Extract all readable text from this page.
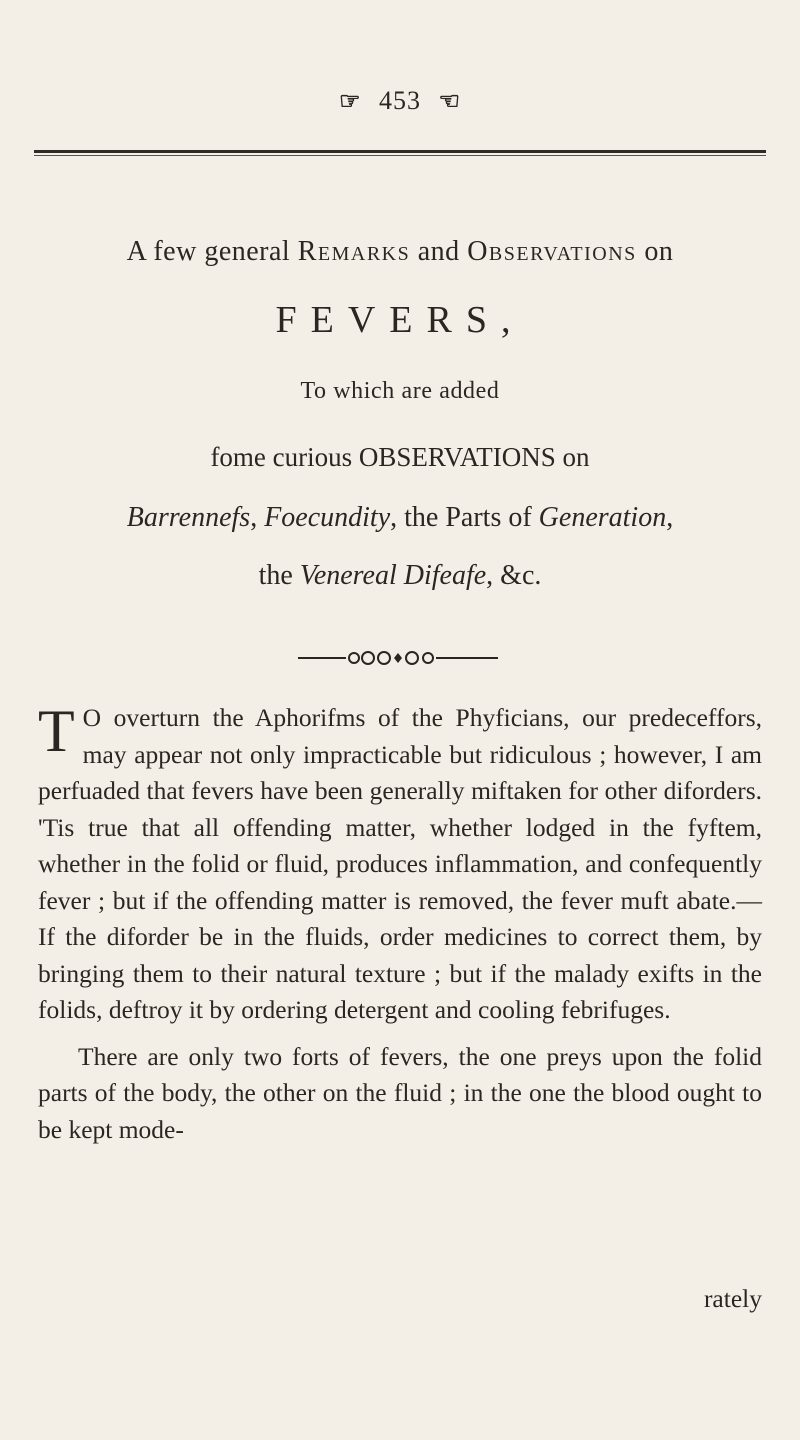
☞ 453 ☜
A few general Remarks and Observations on
FEVERS,
To which are added
fome curious OBSERVATIONS on
Barrennefs, Foecundity, the Parts of Generation,
the Venereal Difeafe, &c.

T O overturn the Aphorifms of the Phyficians, our predeceffors, may appear not only impracticable but ridiculous ; however, I am perfuaded that fevers have been generally miftaken for other diforders. 'Tis true that all offending matter, whether lodged in the fyftem, whether in the folid or fluid, produces inflammation, and confequently fever ; but if the offending matter is removed, the fever muft abate.— If the diforder be in the fluids, order medicines to correct them, by bringing them to their natural texture ; but if the malady exifts in the folids, deftroy it by ordering detergent and cooling febrifuges.

There are only two forts of fevers, the one preys upon the folid parts of the body, the other on the fluid ; in the one the blood ought to be kept mode-

rately
